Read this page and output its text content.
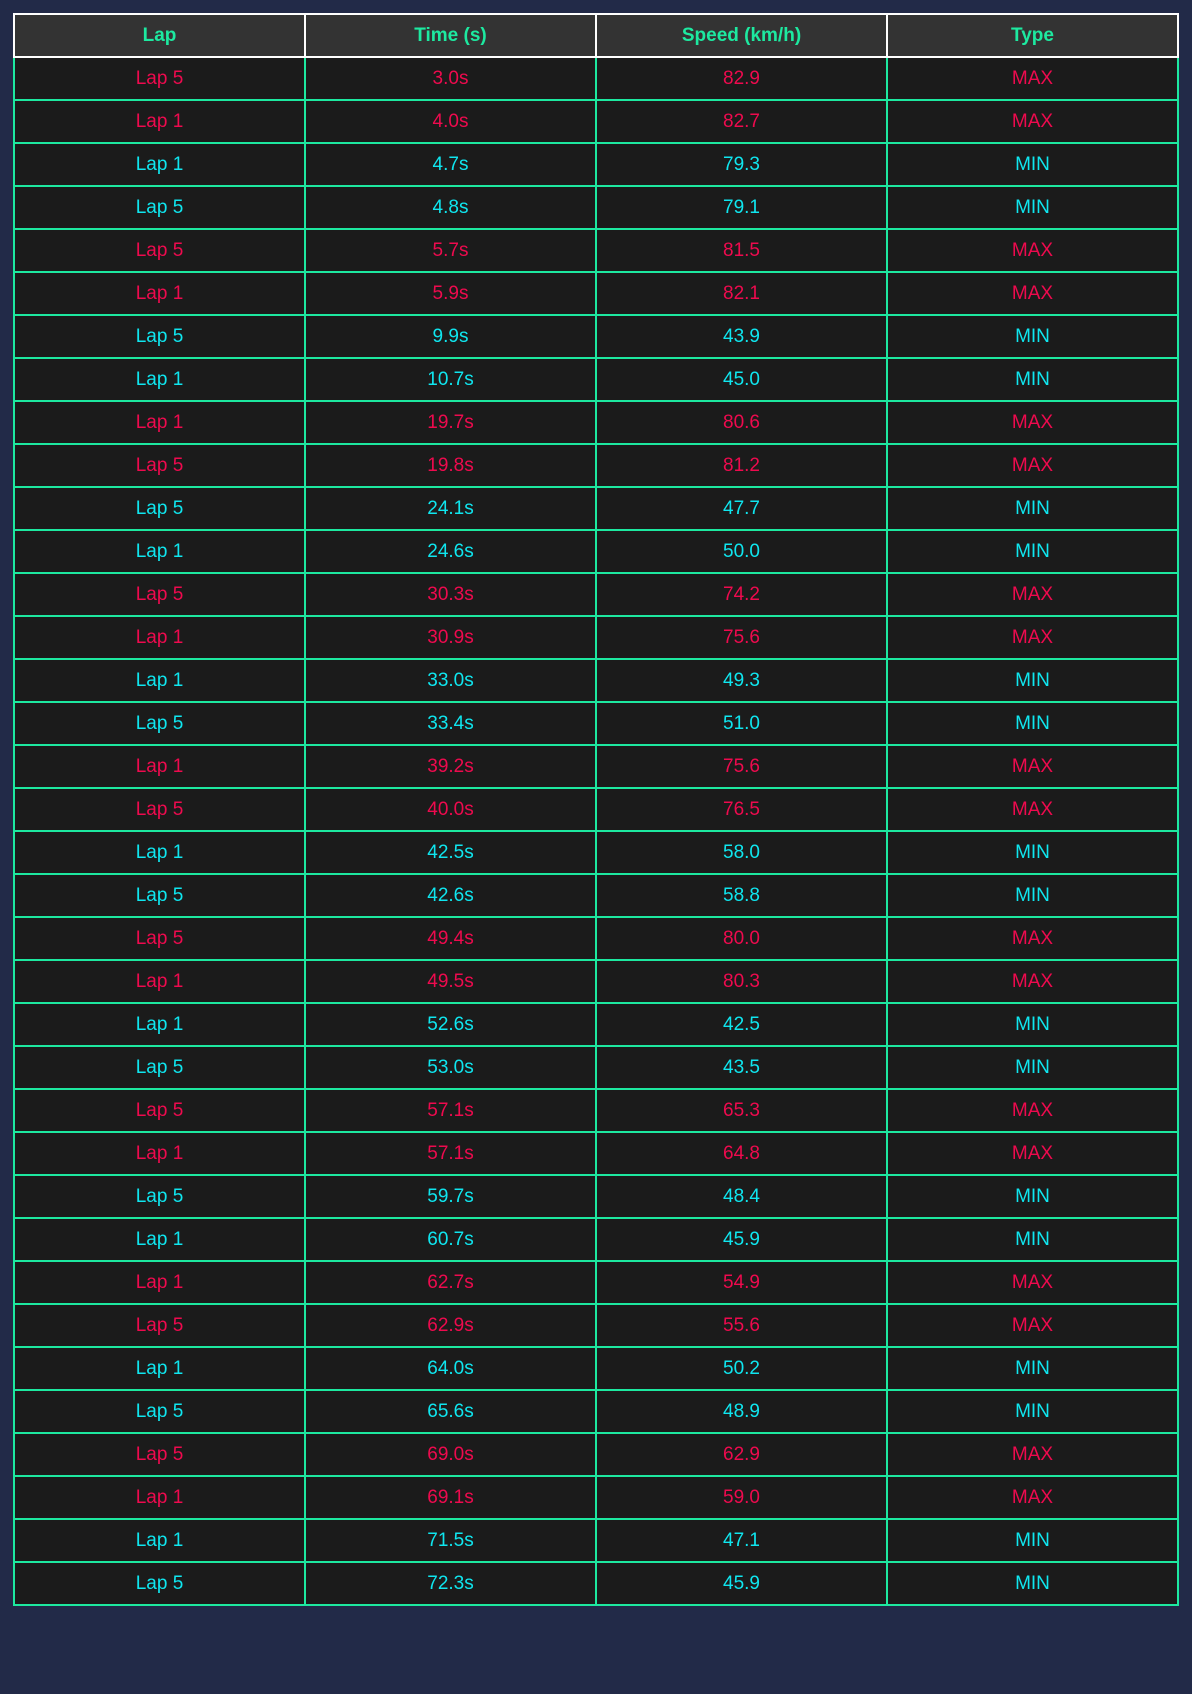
Lap	Time (s)	Speed (km/h)	Type
Lap 5	3.0s	82.9	MAX
Lap 1	4.0s	82.7	MAX
Lap 1	4.7s	79.3	MIN
Lap 5	4.8s	79.1	MIN
Lap 5	5.7s	81.5	MAX
Lap 1	5.9s	82.1	MAX
Lap 5	9.9s	43.9	MIN
Lap 1	10.7s	45.0	MIN
Lap 1	19.7s	80.6	MAX
Lap 5	19.8s	81.2	MAX
Lap 5	24.1s	47.7	MIN
Lap 1	24.6s	50.0	MIN
Lap 5	30.3s	74.2	MAX
Lap 1	30.9s	75.6	MAX
Lap 1	33.0s	49.3	MIN
Lap 5	33.4s	51.0	MIN
Lap 1	39.2s	75.6	MAX
Lap 5	40.0s	76.5	MAX
Lap 1	42.5s	58.0	MIN
Lap 5	42.6s	58.8	MIN
Lap 5	49.4s	80.0	MAX
Lap 1	49.5s	80.3	MAX
Lap 1	52.6s	42.5	MIN
Lap 5	53.0s	43.5	MIN
Lap 5	57.1s	65.3	MAX
Lap 1	57.1s	64.8	MAX
Lap 5	59.7s	48.4	MIN
Lap 1	60.7s	45.9	MIN
Lap 1	62.7s	54.9	MAX
Lap 5	62.9s	55.6	MAX
Lap 1	64.0s	50.2	MIN
Lap 5	65.6s	48.9	MIN
Lap 5	69.0s	62.9	MAX
Lap 1	69.1s	59.0	MAX
Lap 1	71.5s	47.1	MIN
Lap 5	72.3s	45.9	MIN
